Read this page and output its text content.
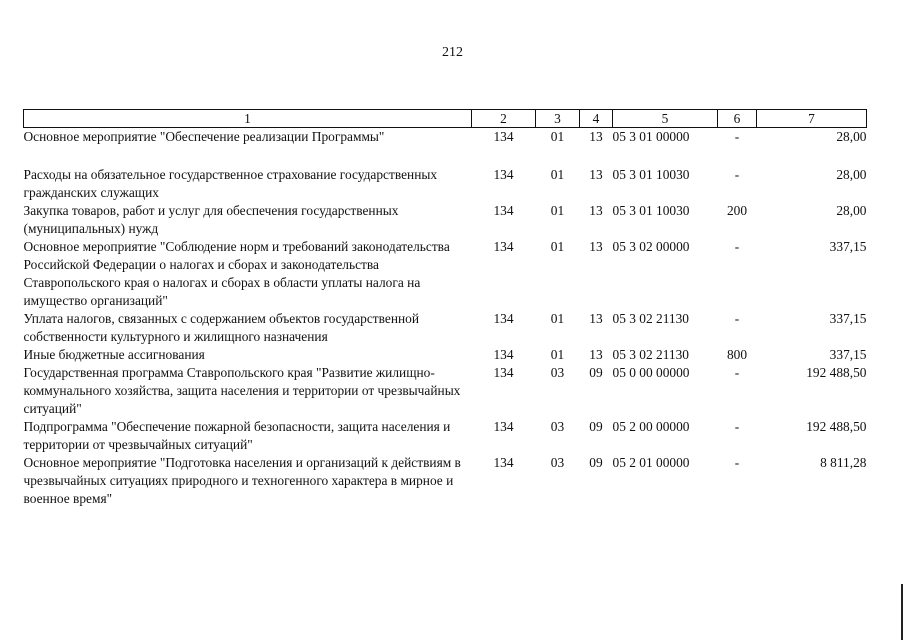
212
1	2	3	4	5	6	7
Основное мероприятие "Обеспечение реализации Программы"	134	01	13	05 3 01 00000	-	28,00

Расходы на обязательное государственное страхование государственных гражданских служащих	134	01	13	05 3 01 10030	-	28,00
Закупка товаров, работ и услуг для обеспечения государственных (муниципальных) нужд	134	01	13	05 3 01 10030	200	28,00
Основное мероприятие "Соблюдение норм и требований законодательства Российской Федерации о налогах и сборах и законодательства Ставропольского края о налогах и сборах в области уплаты налога на имущество организаций"	134	01	13	05 3 02 00000	-	337,15
Уплата налогов, связанных с содержанием объектов государственной собственности культурного и жилищного назначения	134	01	13	05 3 02 21130	-	337,15
Иные бюджетные ассигнования	134	01	13	05 3 02 21130	800	337,15
Государственная программа Ставропольского края "Развитие жилищно-коммунального хозяйства, защита населения и территории от чрезвычайных ситуаций"	134	03	09	05 0 00 00000	-	192 488,50
Подпрограмма "Обеспечение пожарной безопасности, защита населения и территории от чрезвычайных ситуаций"	134	03	09	05 2 00 00000	-	192 488,50
Основное мероприятие "Подготовка населения и организаций к действиям в чрезвычайных ситуациях природного и техногенного характера в мирное и военное время"	134	03	09	05 2 01 00000	-	8 811,28
